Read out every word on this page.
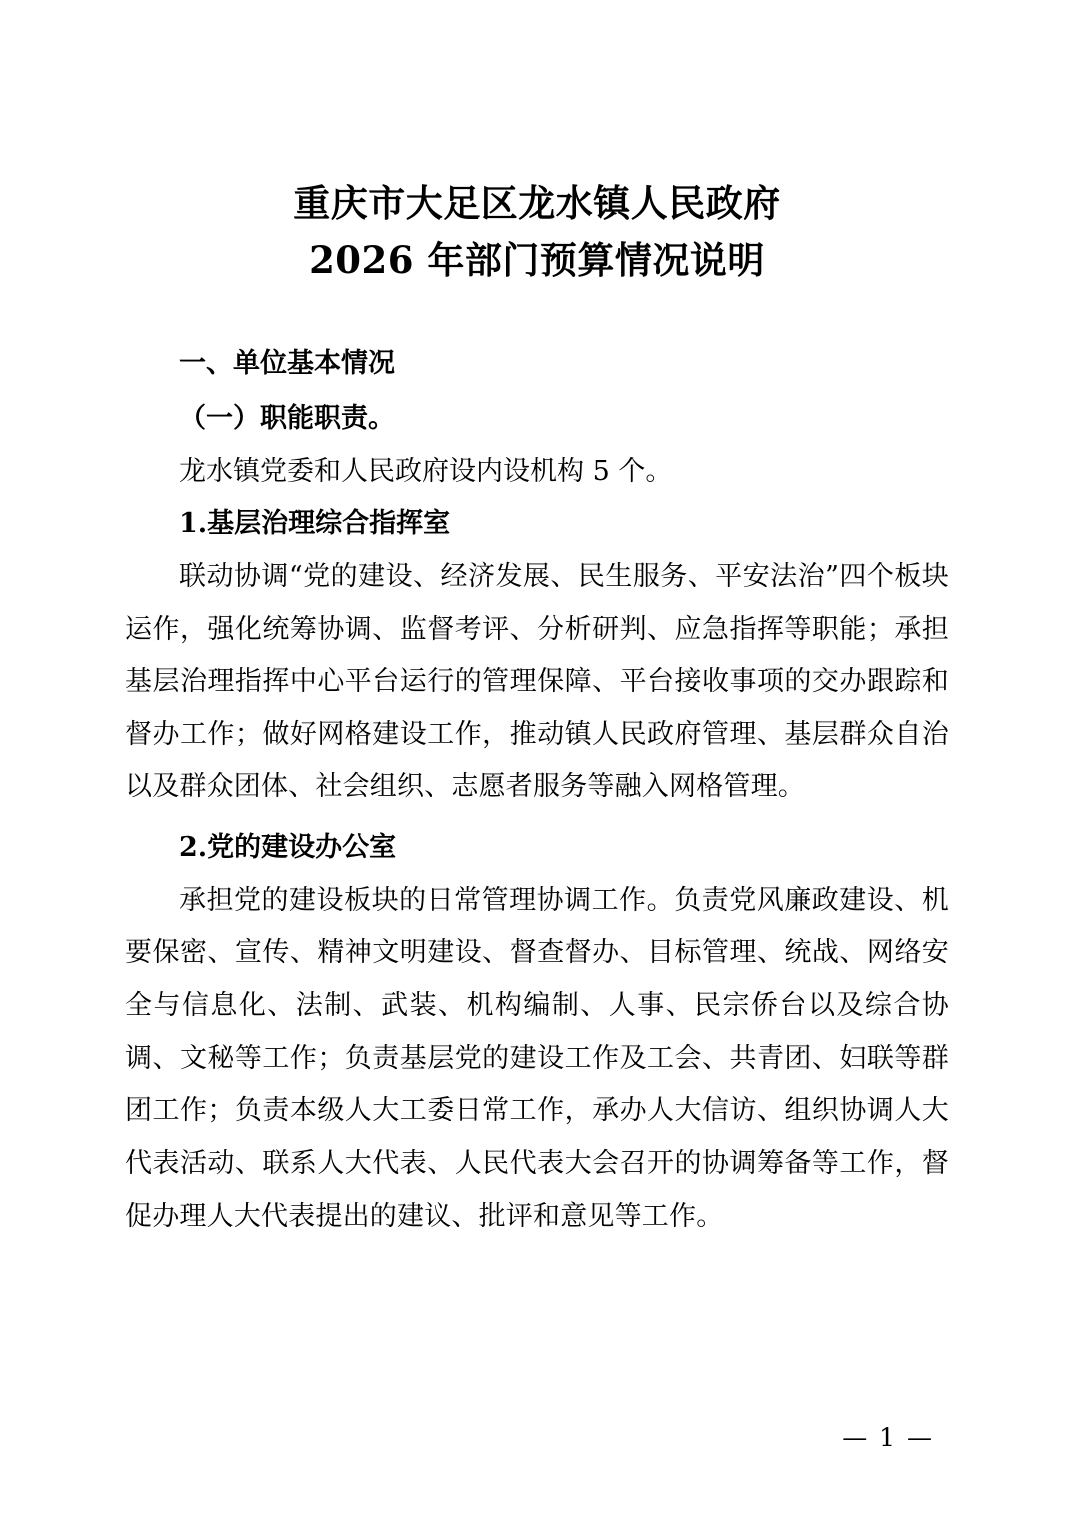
重庆市大足区龙水镇人民政府
2026 年部门预算情况说明
一、单位基本情况
（一）职能职责。
龙水镇党委和人民政府设内设机构 5 个。
1.基层治理综合指挥室
联动协调“党的建设、经济发展、民生服务、平安法治”四个板块运作，强化统筹协调、监督考评、分析研判、应急指挥等职能；承担基层治理指挥中心平台运行的管理保障、平台接收事项的交办跟踪和督办工作；做好网格建设工作，推动镇人民政府管理、基层群众自治以及群众团体、社会组织、志愿者服务等融入网格管理。
2.党的建设办公室
承担党的建设板块的日常管理协调工作。负责党风廉政建设、机要保密、宣传、精神文明建设、督查督办、目标管理、统战、网络安全与信息化、法制、武装、机构编制、人事、民宗侨台以及综合协调、文秘等工作；负责基层党的建设工作及工会、共青团、妇联等群团工作；负责本级人大工委日常工作，承办人大信访、组织协调人大代表活动、联系人大代表、人民代表大会召开的协调筹备等工作，督促办理人大代表提出的建议、批评和意见等工作。
— 1 —
